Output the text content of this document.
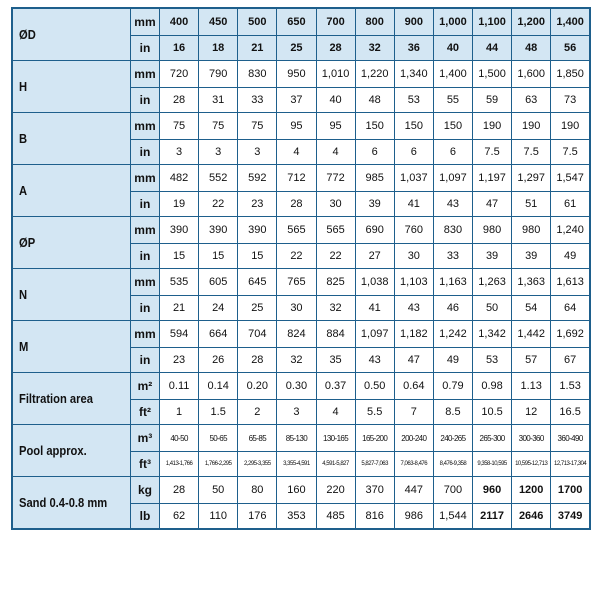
ØD	mm	400	450	500	650	700	800	900	1,000	1,100	1,200	1,400
	in	16	18	21	25	28	32	36	40	44	48	56
H	mm	720	790	830	950	1,010	1,220	1,340	1,400	1,500	1,600	1,850
	in	28	31	33	37	40	48	53	55	59	63	73
B	mm	75	75	75	95	95	150	150	150	190	190	190
	in	3	3	3	4	4	6	6	6	7.5	7.5	7.5
A	mm	482	552	592	712	772	985	1,037	1,097	1,197	1,297	1,547
	in	19	22	23	28	30	39	41	43	47	51	61
ØP	mm	390	390	390	565	565	690	760	830	980	980	1,240
	in	15	15	15	22	22	27	30	33	39	39	49
N	mm	535	605	645	765	825	1,038	1,103	1,163	1,263	1,363	1,613
	in	21	24	25	30	32	41	43	46	50	54	64
M	mm	594	664	704	824	884	1,097	1,182	1,242	1,342	1,442	1,692
	in	23	26	28	32	35	43	47	49	53	57	67
Filtration area	m²	0.11	0.14	0.20	0.30	0.37	0.50	0.64	0.79	0.98	1.13	1.53
	ft²	1	1.5	2	3	4	5.5	7	8.5	10.5	12	16.5
Pool approx.	m³	40-50	50-65	65-85	85-130	130-165	165-200	200-240	240-265	265-300	300-360	360-490
	ft³	1,413-1,766	1,766-2,295	2,295-3,355	3,355-4,591	4,591-5,827	5,827-7,063	7,063-8,476	8,476-9,358	9,358-10,595	10,595-12,713	12,713-17,304
Sand 0.4-0.8 mm	kg	28	50	80	160	220	370	447	700	960	1200	1700
	lb	62	110	176	353	485	816	986	1,544	2117	2646	3749
